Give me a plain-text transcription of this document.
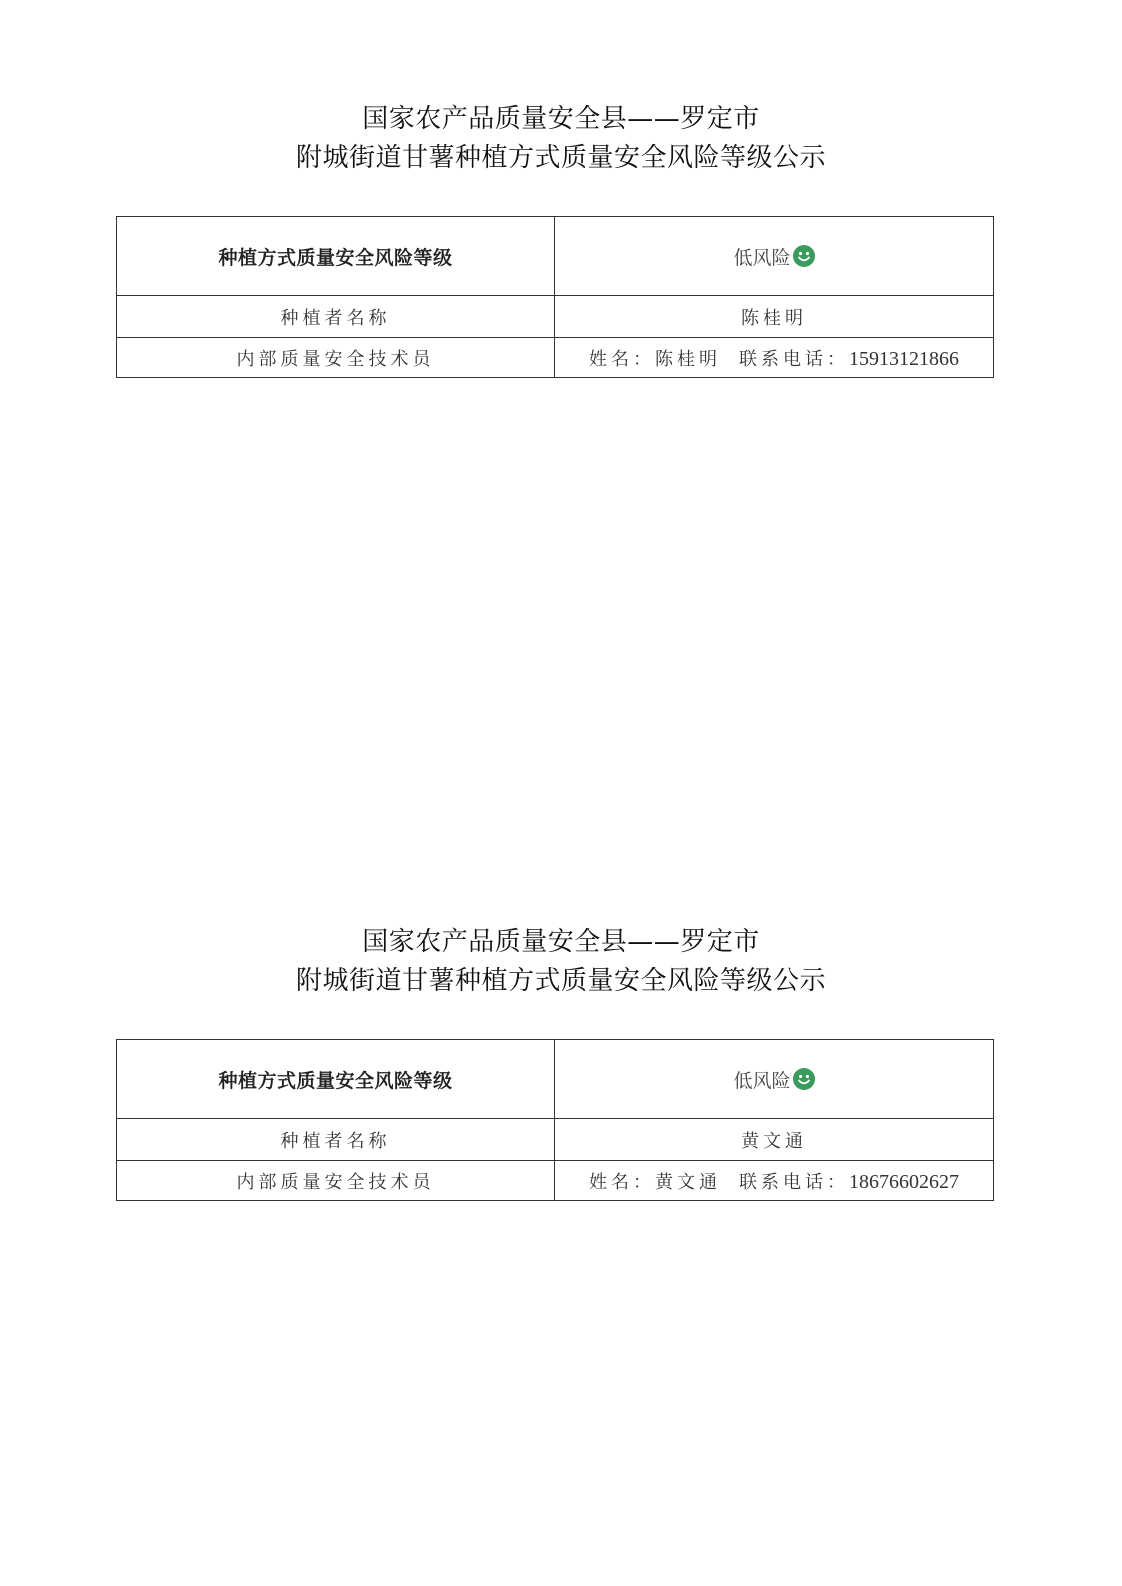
国家农产品质量安全县——罗定市
附城街道甘薯种植方式质量安全风险等级公示
种植方式质量安全风险等级	低风险
种植者名称	陈桂明
内部质量安全技术员	姓名：陈桂明 联系电话：15913121866
国家农产品质量安全县——罗定市
附城街道甘薯种植方式质量安全风险等级公示
种植方式质量安全风险等级	低风险
种植者名称	黄文通
内部质量安全技术员	姓名：黄文通 联系电话：18676602627
